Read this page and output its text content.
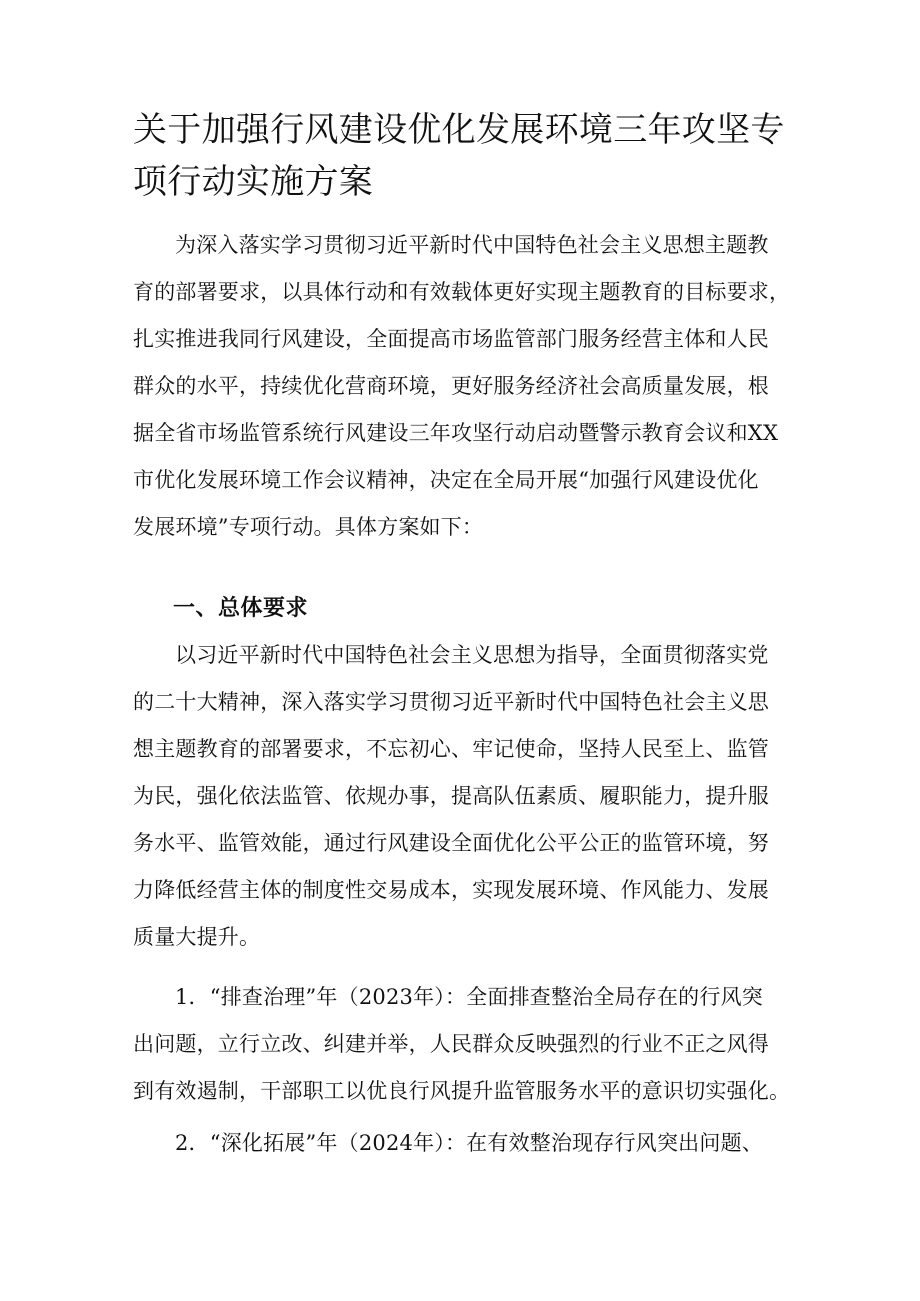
关于加强行风建设优化发展环境三年攻坚专
项行动实施方案

为深入落实学习贯彻习近平新时代中国特色社会主义思想主题教
育的部署要求，以具体行动和有效载体更好实现主题教育的目标要求，
扎实推进我同行风建设，全面提高市场监管部门服务经营主体和人民
群众的水平，持续优化营商环境，更好服务经济社会高质量发展，根
据全省市场监管系统行风建设三年攻坚行动启动暨警示教育会议和XX
市优化发展环境工作会议精神，决定在全局开展“加强行风建设优化
发展环境”专项行动。具体方案如下：

一、总体要求

以习近平新时代中国特色社会主义思想为指导，全面贯彻落实党
的二十大精神，深入落实学习贯彻习近平新时代中国特色社会主义思
想主题教育的部署要求，不忘初心、牢记使命，坚持人民至上、监管
为民，强化依法监管、依规办事，提高队伍素质、履职能力，提升服
务水平、监管效能，通过行风建设全面优化公平公正的监管环境，努
力降低经营主体的制度性交易成本，实现发展环境、作风能力、发展
质量大提升。

1．“排查治理”年（2023年）：全面排查整治全局存在的行风突
出问题，立行立改、纠建并举，人民群众反映强烈的行业不正之风得
到有效遏制，干部职工以优良行风提升监管服务水平的意识切实强化。

2．“深化拓展”年（2024年）：在有效整治现存行风突出问题、
